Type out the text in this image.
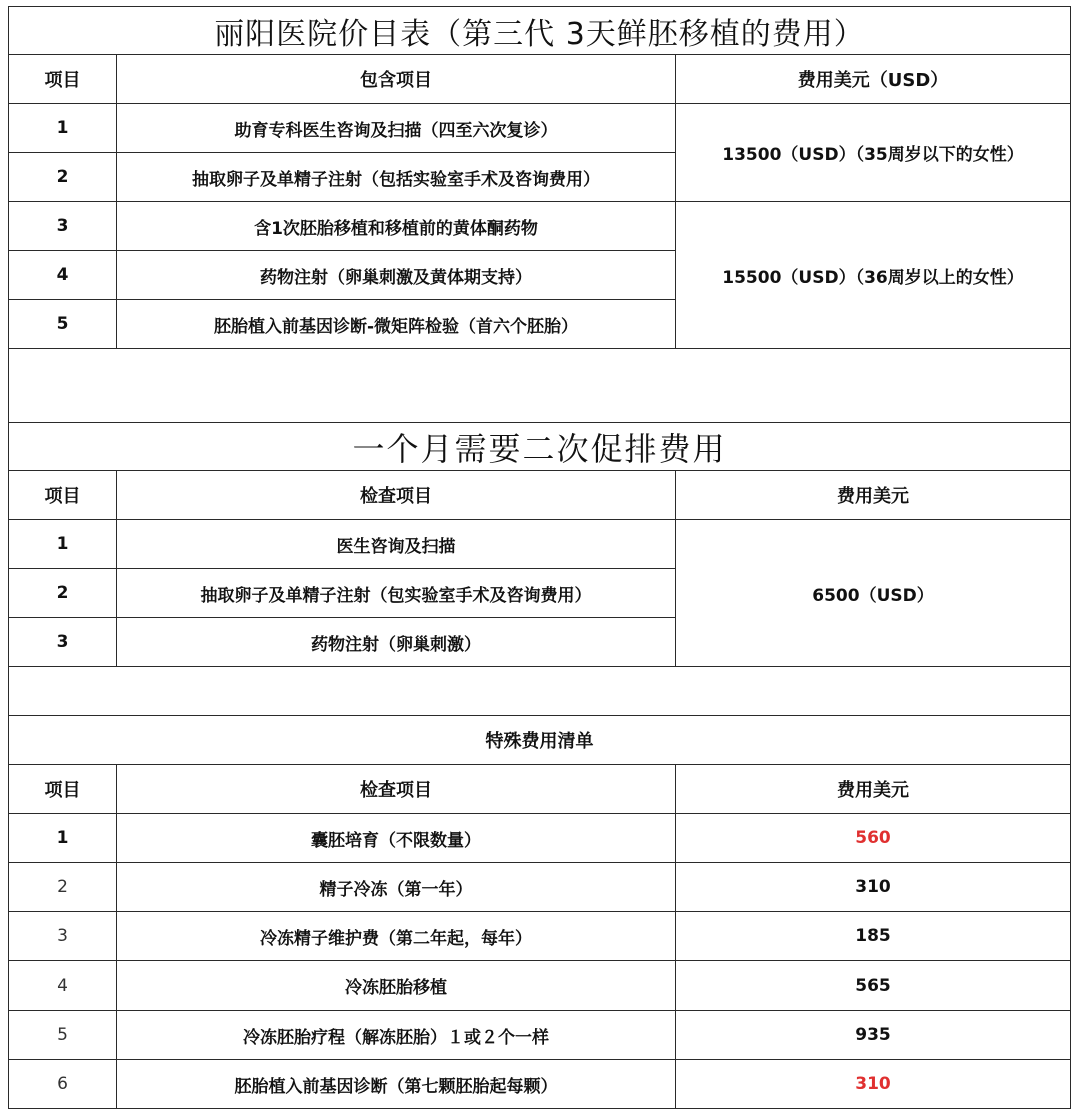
丽阳医院价目表（第三代 3天鲜胚移植的费用）		
项目	包含项目	费用美元（USD）
1	助育专科医生咨询及扫描（四至六次复诊）	13500（USD）（35周岁以下的女性）
2	抽取卵子及单精子注射（包括实验室手术及咨询费用）	
3	含1次胚胎移植和移植前的黄体酮药物	15500（USD）（36周岁以上的女性）
4	药物注射（卵巢刺激及黄体期支持）	
5	胚胎植入前基因诊断-微矩阵检验（首六个胚胎）	

一个月需要二次促排费用		
项目	检查项目	费用美元
1	医生咨询及扫描	6500（USD）
2	抽取卵子及单精子注射（包实验室手术及咨询费用）	
3	药物注射（卵巢刺激）	

特殊费用清单		
项目	检查项目	费用美元
1	囊胚培育（不限数量）	560
2	精子冷冻（第一年）	310
3	冷冻精子维护费（第二年起，每年）	185
4	冷冻胚胎移植	565
5	冷冻胚胎疗程（解冻胚胎）１或２个一样	935
6	胚胎植入前基因诊断（第七颗胚胎起每颗）	310
